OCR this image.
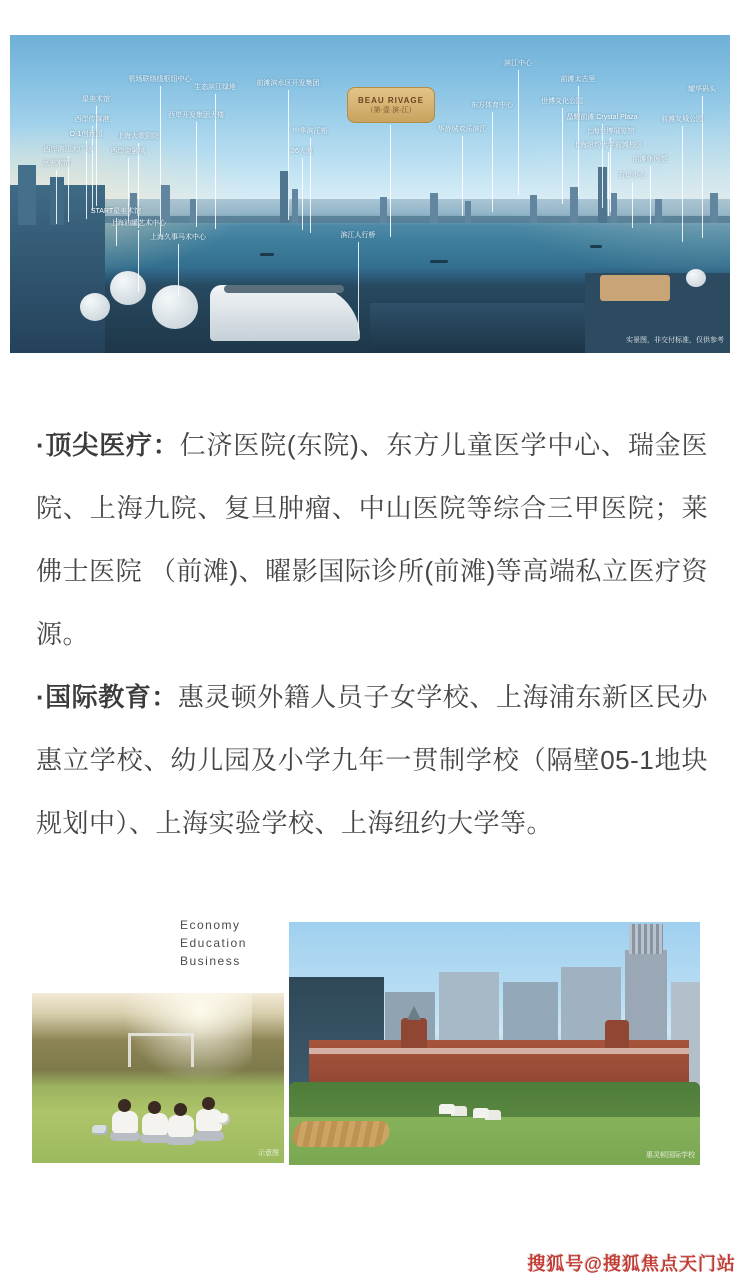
BEAU RIVAGE
（第·壹·滨·江）
星美术馆
西岸传媒港
O·1创意园
西岸滨江大广场
龙美术馆
机场联络线枢纽中心
生态滨江绿地
西岸开发集团大楼
上海大歌剧院
西岸金融城
START星美术馆
上海油罐艺术中心
上海久事马术中心
前滩滨水区开发集团
中华滨江苑
26大厦
华侨城欢乐滨江
东方体育中心
滨江人行桥
滨江中心
前滩太古里
世博文化公园
晶耀前滩 Crystal Plaza
上海世博展览馆
上海纽约大学前滩校区
前滩休闲荟
右岸中心
耀华码头
前滩友城公园
实景图，非交付标准，仅供参考

·顶尖医疗：仁济医院(东院)、东方儿童医学中心、瑞金医院、上海九院、复旦肿瘤、中山医院等综合三甲医院；莱佛士医院 （前滩)、曜影国际诊所(前滩)等高端私立医疗资源。

·国际教育：惠灵顿外籍人员子女学校、上海浦东新区民办惠立学校、幼儿园及小学九年一贯制学校（隔壁05-1地块规划中）、上海实验学校、上海纽约大学等。

Economy Education
Business
示意图	惠灵顿国际学校
搜狐号@搜狐焦点天门站
